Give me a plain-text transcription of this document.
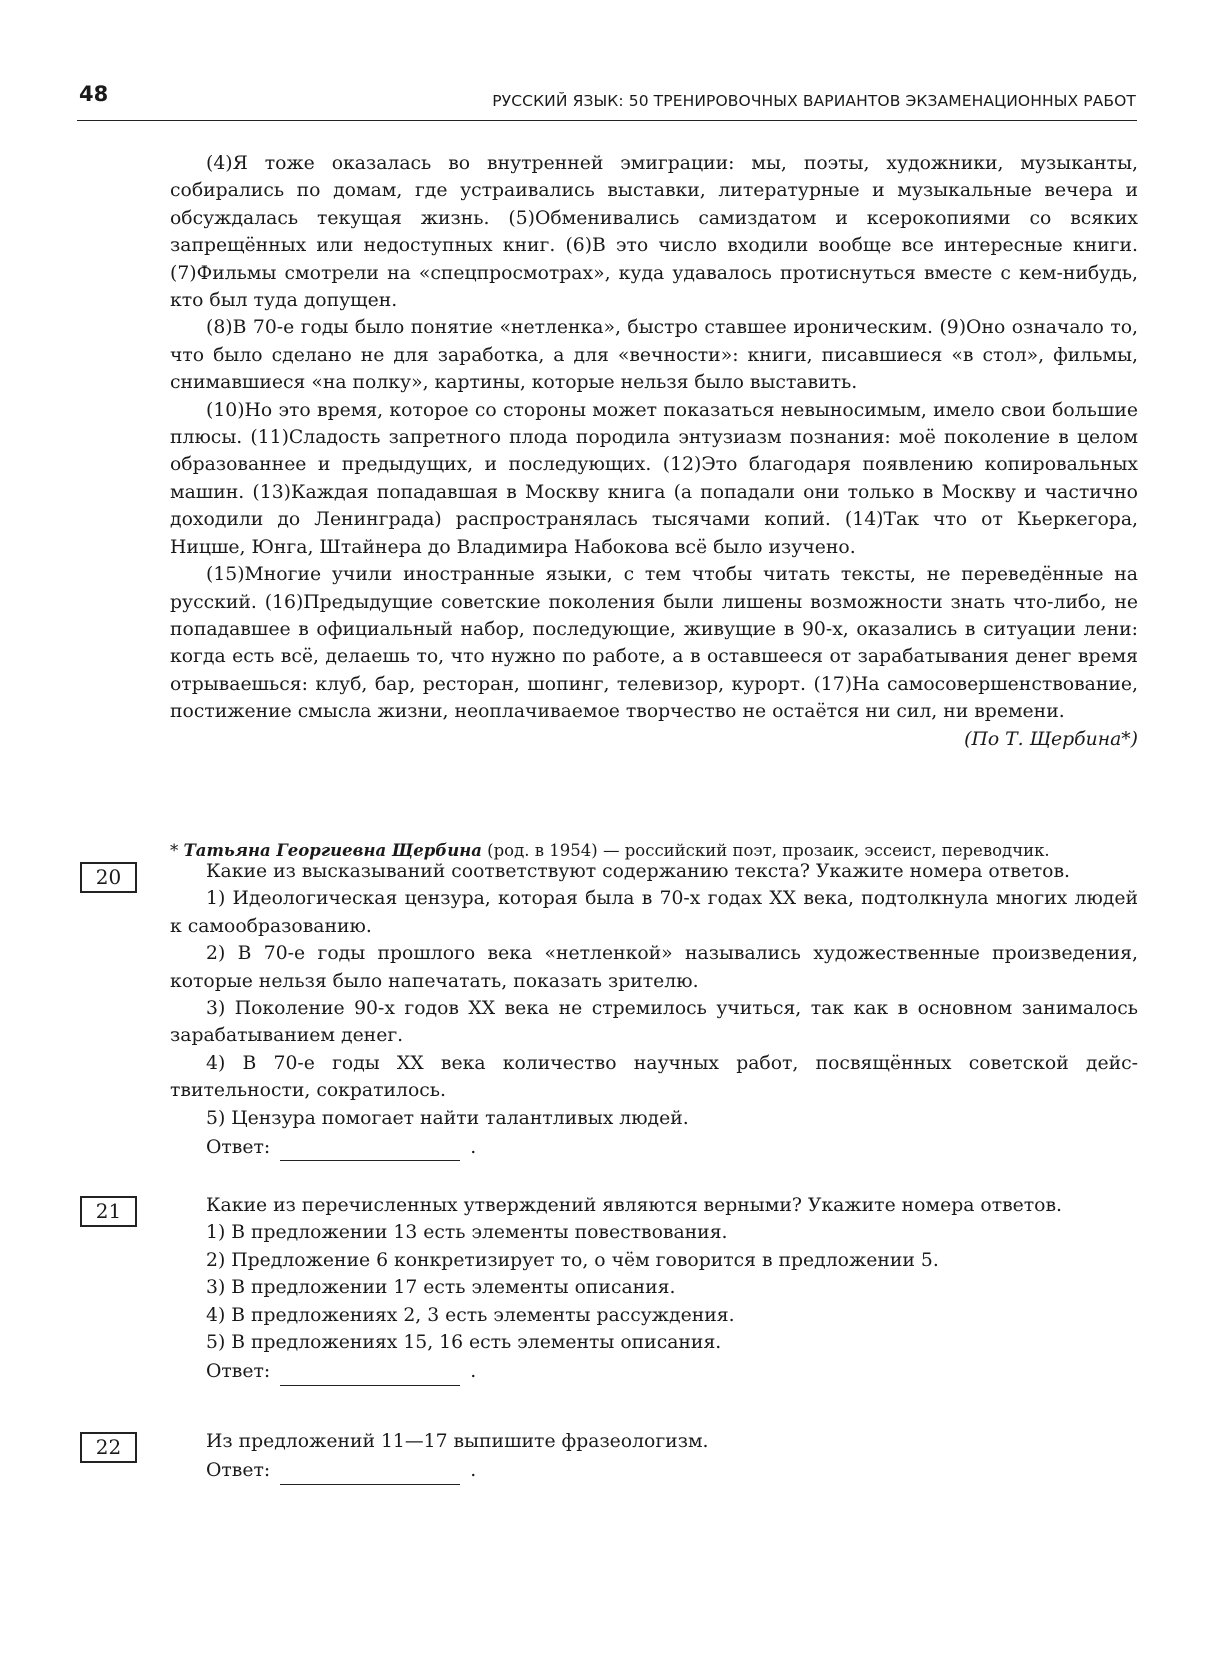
48	РУССКИЙ ЯЗЫК: 50 ТРЕНИРОВОЧНЫХ ВАРИАНТОВ ЭКЗАМЕНАЦИОННЫХ РАБОТ

(4)Я тоже оказалась во внутренней эмиграции: мы, поэты, художники, музыканты, собирались по домам, где устраивались выставки, литературные и музыкальные вечера и обсуждалась текущая жизнь. (5)Обменивались самиздатом и ксерокопиями со всяких запрещённых или недоступных книг. (6)В это число входили вообще все интересные книги. (7)Фильмы смотрели на «спецпросмотрах», куда удавалось протиснуться вместе с кем-нибудь, кто был туда допущен.

(8)В 70-е годы было понятие «нетленка», быстро ставшее ироническим. (9)Оно означало то, что было сделано не для заработка, а для «вечности»: книги, писавшиеся «в стол», фильмы, снимавшиеся «на полку», картины, которые нельзя было выставить.

(10)Но это время, которое со стороны может показаться невыносимым, имело свои большие плюсы. (11)Сладость запретного плода породила энтузиазм познания: моё поколение в целом образованнее и предыдущих, и последующих. (12)Это благодаря появлению копировальных машин. (13)Каждая попадавшая в Москву книга (а попадали они только в Москву и частично доходили до Ленинграда) распространялась тысячами копий. (14)Так что от Кьеркегора, Ницше, Юнга, Штайнера до Владимира Набокова всё было изучено.

(15)Многие учили иностранные языки, с тем чтобы читать тексты, не переведённые на русский. (16)Предыдущие советские поколения были лишены возможности знать что-либо, не попадавшее в официальный набор, последующие, живущие в 90-х, оказались в ситуации лени: когда есть всё, делаешь то, что нужно по работе, а в оставшееся от зарабатывания денег время отрываешься: клуб, бар, ресторан, шопинг, телевизор, курорт. (17)На самосовершенствование, постижение смысла жизни, неоплачиваемое творчество не остаётся ни сил, ни времени.

(По Т. Щербина*)

* Татьяна Георгиевна Щербина (род. в 1954) — российский поэт, прозаик, эссеист, переводчик.
20	Какие из высказываний соответствуют содержанию текста? Укажите номера ответов.

1) Идеологическая цензура, которая была в 70-х годах XX века, подтолкнула многих людей к самообразованию.

2) В 70-е годы прошлого века «нетленкой» назывались художественные произведения, которые нельзя было напечатать, показать зрителю.

3) Поколение 90-х годов XX века не стремилось учиться, так как в основном занималось зарабатыванием денег.

4) В 70-е годы XX века количество научных работ, посвящённых советской действительности, сократилось.

5) Цензура помогает найти талантливых людей.

Ответ:	.
21	Какие из перечисленных утверждений являются верными? Укажите номера ответов.

1) В предложении 13 есть элементы повествования.

2) Предложение 6 конкретизирует то, о чём говорится в предложении 5.

3) В предложении 17 есть элементы описания.

4) В предложениях 2, 3 есть элементы рассуждения.

5) В предложениях 15, 16 есть элементы описания.

Ответ:	.
22	Из предложений 11—17 выпишите фразеологизм.

Ответ:	.
